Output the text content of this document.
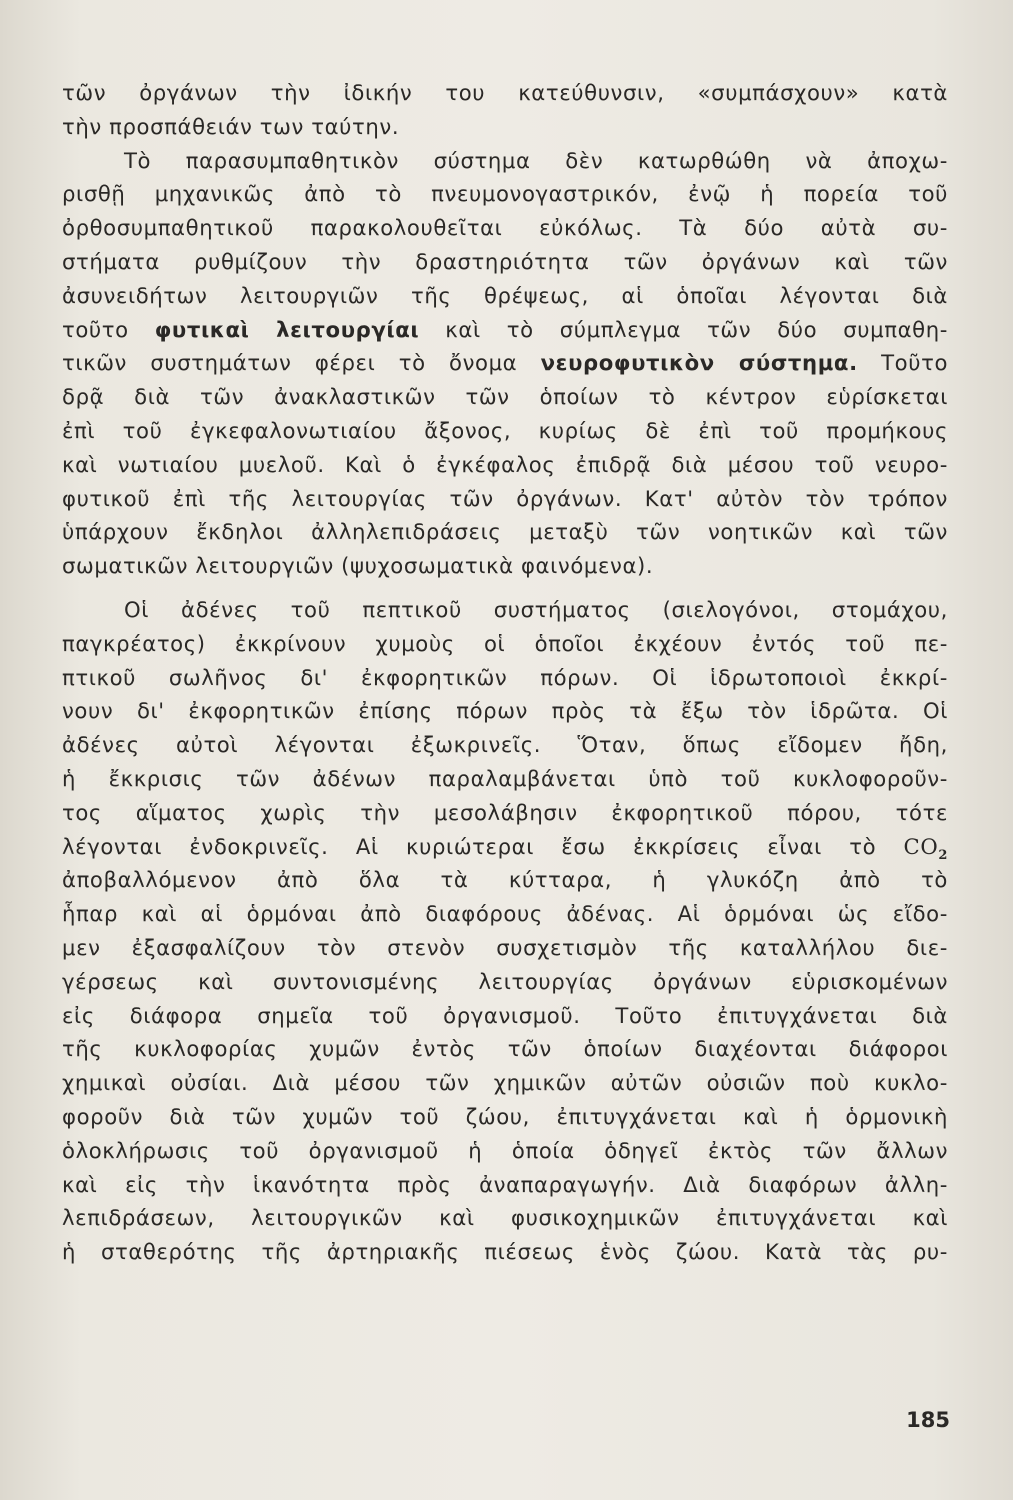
τῶν ὀργάνων τὴν ἰδικήν του κατεύθυνσιν, «συμπάσχουν» κατὰ
τὴν προσπάθειάν των ταύτην.
Τὸ παρασυμπαθητικὸν σύστημα δὲν κατωρθώθη νὰ ἀποχω-
ρισθῇ μηχανικῶς ἀπὸ τὸ πνευμονογαστρικόν, ἐνῷ ἡ πορεία τοῦ
ὀρθοσυμπαθητικοῦ παρακολουθεῖται εὐκόλως. Τὰ δύο αὐτὰ συ-
στήματα ρυθμίζουν τὴν δραστηριότητα τῶν ὀργάνων καὶ τῶν
ἀσυνειδήτων λειτουργιῶν τῆς θρέψεως, αἱ ὁποῖαι λέγονται διὰ
τοῦτο φυτικαὶ λειτουργίαι καὶ τὸ σύμπλεγμα τῶν δύο συμπαθη-
τικῶν συστημάτων φέρει τὸ ὄνομα νευροφυτικὸν σύστημα. Τοῦτο
δρᾷ διὰ τῶν ἀνακλαστικῶν τῶν ὁποίων τὸ κέντρον εὑρίσκεται
ἐπὶ τοῦ ἐγκεφαλονωτιαίου ἄξονος, κυρίως δὲ ἐπὶ τοῦ προμήκους
καὶ νωτιαίου μυελοῦ. Καὶ ὁ ἐγκέφαλος ἐπιδρᾷ διὰ μέσου τοῦ νευρο-
φυτικοῦ ἐπὶ τῆς λειτουργίας τῶν ὀργάνων. Κατ' αὐτὸν τὸν τρόπον
ὑπάρχουν ἔκδηλοι ἀλληλεπιδράσεις μεταξὺ τῶν νοητικῶν καὶ τῶν
σωματικῶν λειτουργιῶν (ψυχοσωματικὰ φαινόμενα).
Οἱ ἀδένες τοῦ πεπτικοῦ συστήματος (σιελογόνοι, στομάχου,
παγκρέατος) ἐκκρίνουν χυμοὺς οἱ ὁποῖοι ἐκχέουν ἐντός τοῦ πε-
πτικοῦ σωλῆνος δι' ἐκφορητικῶν πόρων. Οἱ ἱδρωτοποιοὶ ἐκκρί-
νουν δι' ἐκφορητικῶν ἐπίσης πόρων πρὸς τὰ ἔξω τὸν ἱδρῶτα. Οἱ
ἀδένες αὐτοὶ λέγονται ἐξωκρινεῖς. Ὅταν, ὅπως εἴδομεν ἤδη,
ἡ ἔκκρισις τῶν ἀδένων παραλαμβάνεται ὑπὸ τοῦ κυκλοφοροῦν-
τος αἵματος χωρὶς τὴν μεσολάβησιν ἐκφορητικοῦ πόρου, τότε
λέγονται ἐνδοκρινεῖς. Αἱ κυριώτεραι ἔσω ἐκκρίσεις εἶναι τὸ $CO_2$
ἀποβαλλόμενον ἀπὸ ὅλα τὰ κύτταρα, ἡ γλυκόζη ἀπὸ τὸ
ἧπαρ καὶ αἱ ὁρμόναι ἀπὸ διαφόρους ἀδένας. Αἱ ὁρμόναι ὡς εἴδο-
μεν ἐξασφαλίζουν τὸν στενὸν συσχετισμὸν τῆς καταλλήλου διε-
γέρσεως καὶ συντονισμένης λειτουργίας ὀργάνων εὑρισκομένων
εἰς διάφορα σημεῖα τοῦ ὀργανισμοῦ. Τοῦτο ἐπιτυγχάνεται διὰ
τῆς κυκλοφορίας χυμῶν ἐντὸς τῶν ὁποίων διαχέονται διάφοροι
χημικαὶ οὐσίαι. Διὰ μέσου τῶν χημικῶν αὐτῶν οὐσιῶν ποὺ κυκλο-
φοροῦν διὰ τῶν χυμῶν τοῦ ζώου, ἐπιτυγχάνεται καὶ ἡ ὁρμονικὴ
ὁλοκλήρωσις τοῦ ὀργανισμοῦ ἡ ὁποία ὁδηγεῖ ἐκτὸς τῶν ἄλλων
καὶ εἰς τὴν ἱκανότητα πρὸς ἀναπαραγωγήν. Διὰ διαφόρων ἀλλη-
λεπιδράσεων, λειτουργικῶν καὶ φυσικοχημικῶν ἐπιτυγχάνεται καὶ
ἡ σταθερότης τῆς ἀρτηριακῆς πιέσεως ἑνὸς ζώου. Κατὰ τὰς ρυ-
185
